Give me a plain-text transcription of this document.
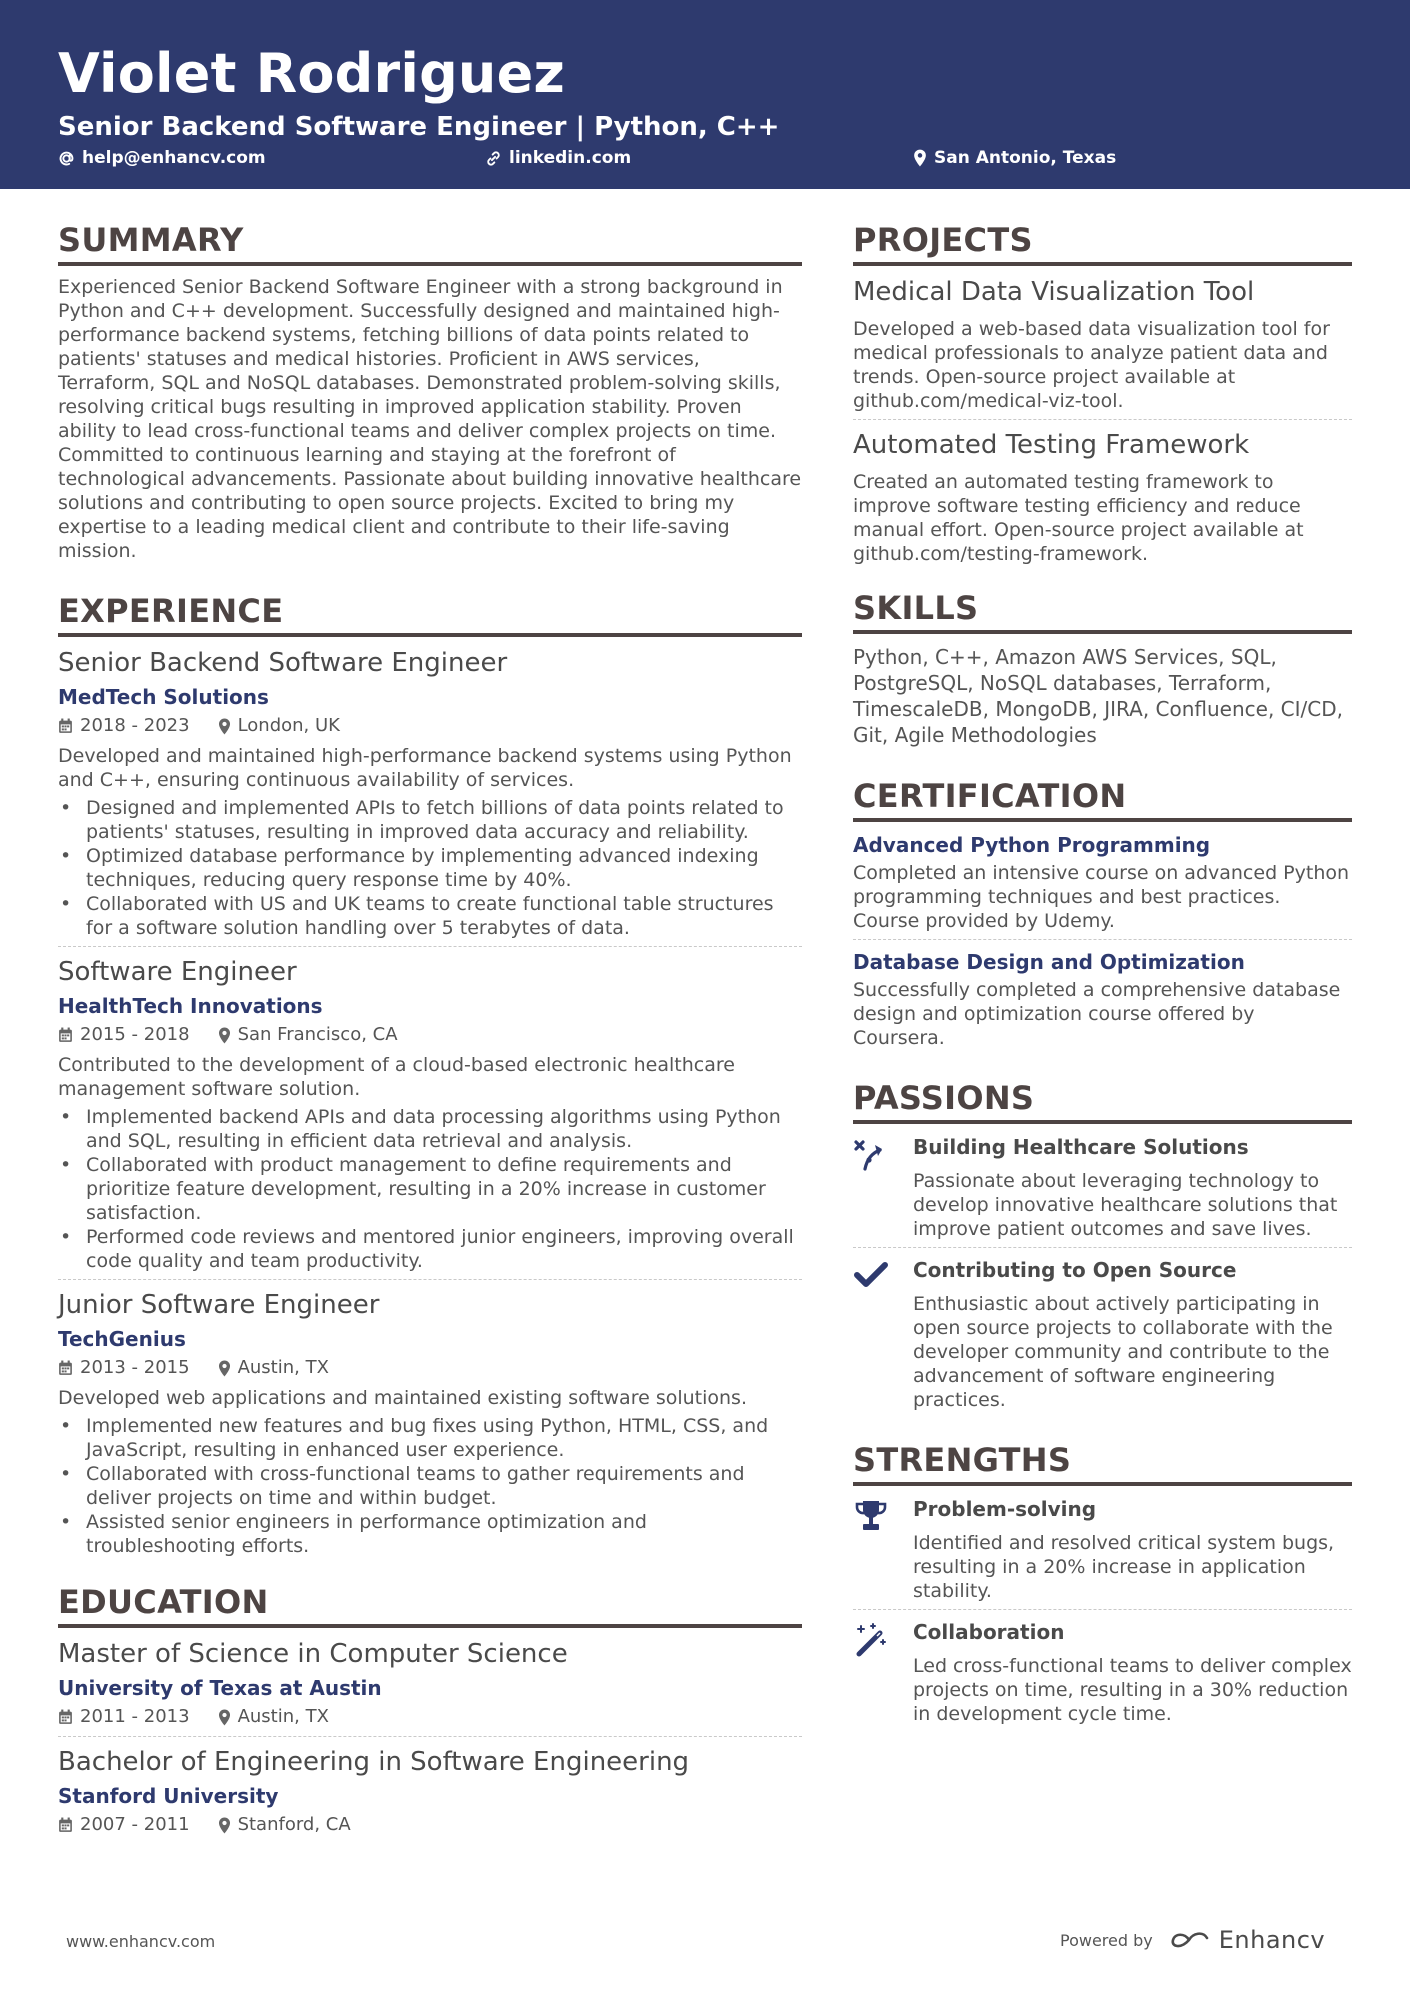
Violet Rodriguez
Senior Backend Software Engineer | Python, C++
help@enhancv.com	linkedin.com	San Antonio, Texas
SUMMARY
Experienced Senior Backend Software Engineer with a strong background in Python and C++ development. Successfully designed and maintained high-performance backend systems, fetching billions of data points related to patients' statuses and medical histories. Proficient in AWS services, Terraform, SQL and NoSQL databases. Demonstrated problem-solving skills, resolving critical bugs resulting in improved application stability. Proven ability to lead cross-functional teams and deliver complex projects on time. Committed to continuous learning and staying at the forefront of technological advancements. Passionate about building innovative healthcare solutions and contributing to open source projects. Excited to bring my expertise to a leading medical client and contribute to their life-saving mission.
EXPERIENCE
Senior Backend Software Engineer
MedTech Solutions
2018 - 2023	London, UK
Developed and maintained high-performance backend systems using Python and C++, ensuring continuous availability of services.
• Designed and implemented APIs to fetch billions of data points related to patients' statuses, resulting in improved data accuracy and reliability.
• Optimized database performance by implementing advanced indexing techniques, reducing query response time by 40%.
• Collaborated with US and UK teams to create functional table structures for a software solution handling over 5 terabytes of data.
Software Engineer
HealthTech Innovations
2015 - 2018	San Francisco, CA
Contributed to the development of a cloud-based electronic healthcare management software solution.
• Implemented backend APIs and data processing algorithms using Python and SQL, resulting in efficient data retrieval and analysis.
• Collaborated with product management to define requirements and prioritize feature development, resulting in a 20% increase in customer satisfaction.
• Performed code reviews and mentored junior engineers, improving overall code quality and team productivity.
Junior Software Engineer
TechGenius
2013 - 2015	Austin, TX
Developed web applications and maintained existing software solutions.
• Implemented new features and bug fixes using Python, HTML, CSS, and JavaScript, resulting in enhanced user experience.
• Collaborated with cross-functional teams to gather requirements and deliver projects on time and within budget.
• Assisted senior engineers in performance optimization and troubleshooting efforts.
EDUCATION
Master of Science in Computer Science
University of Texas at Austin
2011 - 2013	Austin, TX
Bachelor of Engineering in Software Engineering
Stanford University
2007 - 2011	Stanford, CA
PROJECTS
Medical Data Visualization Tool
Developed a web-based data visualization tool for medical professionals to analyze patient data and trends. Open-source project available at github.com/medical-viz-tool.
Automated Testing Framework
Created an automated testing framework to improve software testing efficiency and reduce manual effort. Open-source project available at github.com/testing-framework.
SKILLS
Python, C++, Amazon AWS Services, SQL, PostgreSQL, NoSQL databases, Terraform, TimescaleDB, MongoDB, JIRA, Confluence, CI/CD, Git, Agile Methodologies
CERTIFICATION
Advanced Python Programming
Completed an intensive course on advanced Python programming techniques and best practices. Course provided by Udemy.
Database Design and Optimization
Successfully completed a comprehensive database design and optimization course offered by Coursera.
PASSIONS
Building Healthcare Solutions
Passionate about leveraging technology to develop innovative healthcare solutions that improve patient outcomes and save lives.
Contributing to Open Source
Enthusiastic about actively participating in open source projects to collaborate with the developer community and contribute to the advancement of software engineering practices.
STRENGTHS
Problem-solving
Identified and resolved critical system bugs, resulting in a 20% increase in application stability.
Collaboration
Led cross-functional teams to deliver complex projects on time, resulting in a 30% reduction in development cycle time.
www.enhancv.com	Powered by	Enhancv
